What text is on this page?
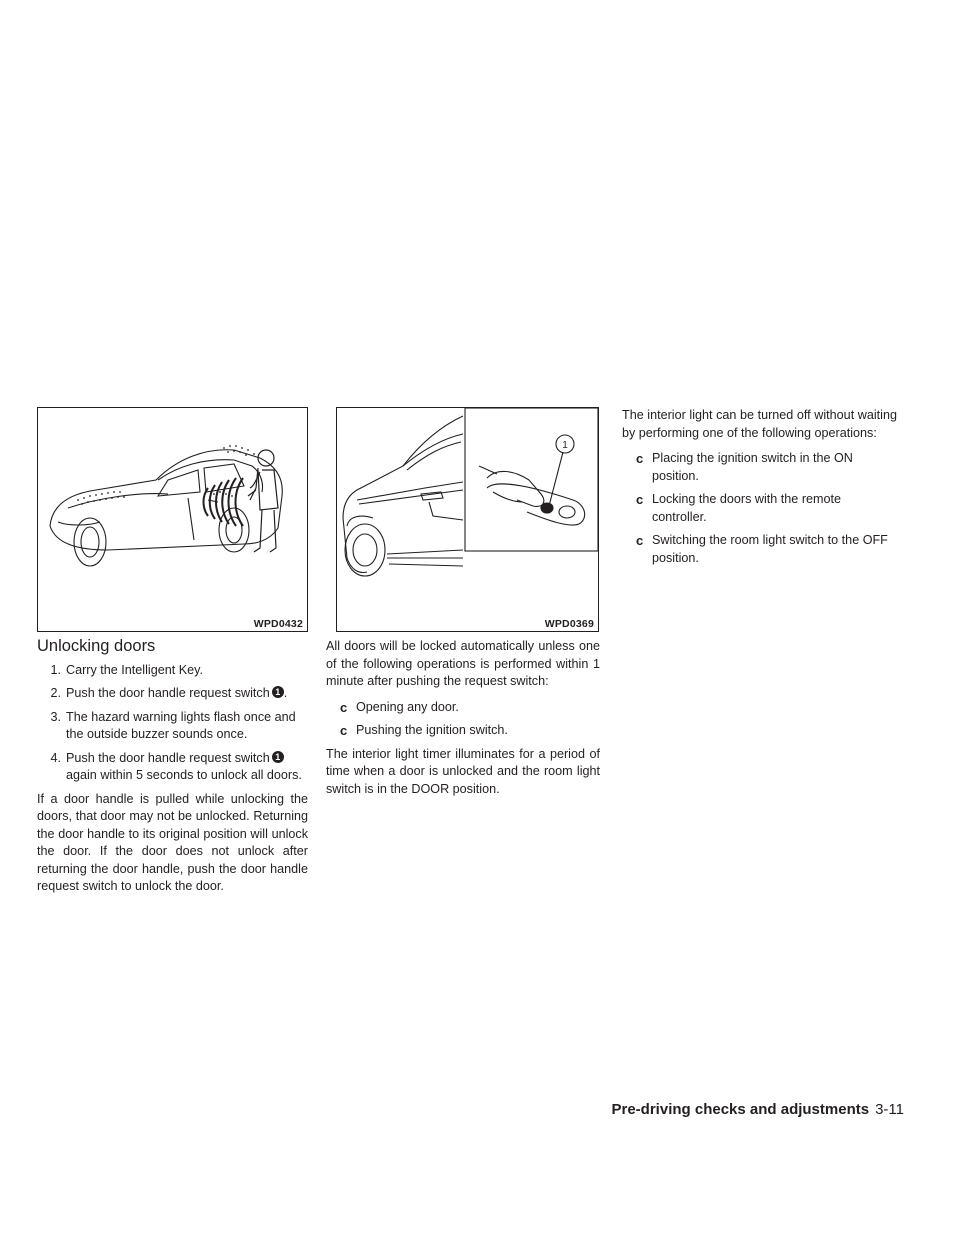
WPD0432
1
WPD0369
Unlocking doors
1. Carry the Intelligent Key.
2. Push the door handle request switch 1 .
3. The hazard warning lights flash once and the outside buzzer sounds once.
4. Push the door handle request switch 1 again within 5 seconds to unlock all doors.

If a door handle is pulled while unlocking the doors, that door may not be unlocked. Returning the door handle to its original position will unlock the door. If the door does not unlock after returning the door handle, push the door handle request switch to unlock the door.

All doors will be locked automatically unless one of the following operations is performed within 1 minute after pushing the request switch:

c Opening any door.
c Pushing the ignition switch.

The interior light timer illuminates for a period of time when a door is unlocked and the room light switch is in the DOOR position.

The interior light can be turned off without waiting by performing one of the following operations:

c Placing the ignition switch in the ON position.
c Locking the doors with the remote controller.
c Switching the room light switch to the OFF position.
Pre-driving checks and adjustments 3-11
